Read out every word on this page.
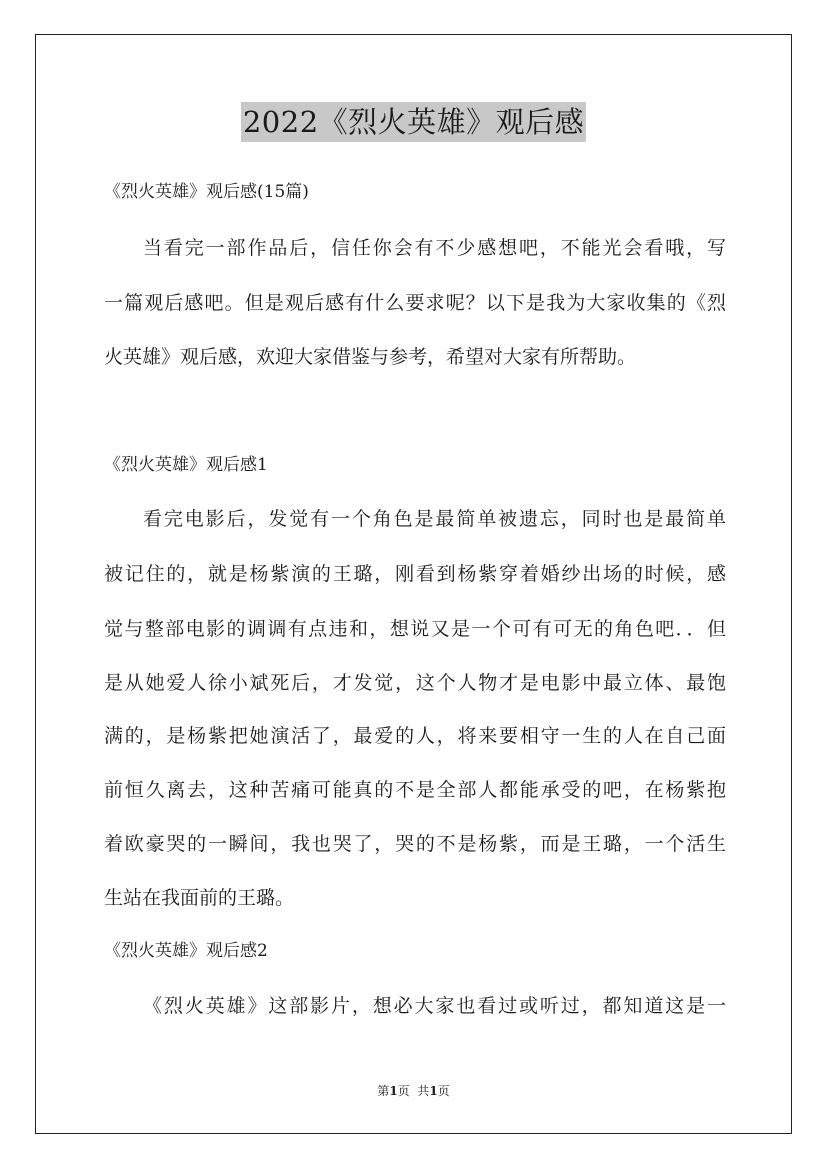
2022《烈火英雄》观后感
《烈火英雄》观后感(15篇)
当看完一部作品后，信任你会有不少感想吧，不能光会看哦，写
一篇观后感吧。但是观后感有什么要求呢？以下是我为大家收集的《烈
火英雄》观后感，欢迎大家借鉴与参考，希望对大家有所帮助。
《烈火英雄》观后感1
看完电影后，发觉有一个角色是最简单被遗忘，同时也是最简单
被记住的，就是杨紫演的王璐，刚看到杨紫穿着婚纱出场的时候，感
觉与整部电影的调调有点违和，想说又是一个可有可无的角色吧．．但
是从她爱人徐小斌死后，才发觉，这个人物才是电影中最立体、最饱
满的，是杨紫把她演活了，最爱的人，将来要相守一生的人在自己面
前恒久离去，这种苦痛可能真的不是全部人都能承受的吧，在杨紫抱
着欧豪哭的一瞬间，我也哭了，哭的不是杨紫，而是王璐，一个活生
生站在我面前的王璐。
《烈火英雄》观后感2
《烈火英雄》这部影片，想必大家也看过或听过，都知道这是一
第1页  共1页
